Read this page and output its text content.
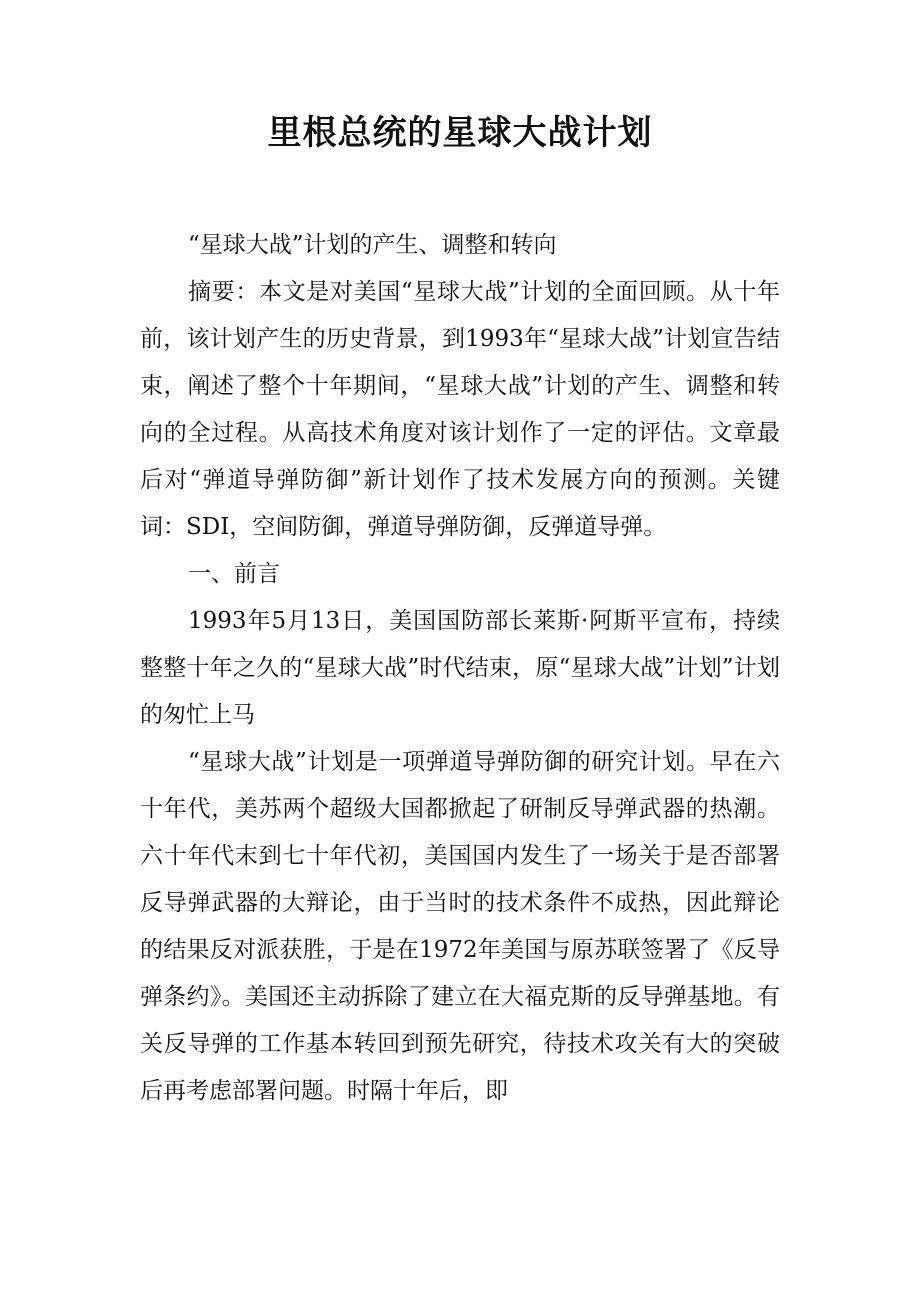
里根总统的星球大战计划

“星球大战”计划的产生、调整和转向

摘要：本文是对美国“星球大战”计划的全面回顾。从十年前，该计划产生的历史背景，到1993年“星球大战”计划宣告结束，阐述了整个十年期间，“星球大战”计划的产生、调整和转向的全过程。从高技术角度对该计划作了一定的评估。文章最后对“弹道导弹防御”新计划作了技术发展方向的预测。关键词：SDI，空间防御，弹道导弹防御，反弹道导弹。

一、前言

1993年5月13日，美国国防部长莱斯·阿斯平宣布，持续整整十年之久的“星球大战”时代结束，原“星球大战”计划”计划的匆忙上马

“星球大战”计划是一项弹道导弹防御的研究计划。早在六十年代，美苏两个超级大国都掀起了研制反导弹武器的热潮。六十年代末到七十年代初，美国国内发生了一场关于是否部署反导弹武器的大辩论，由于当时的技术条件不成热，因此辩论的结果反对派获胜，于是在1972年美国与原苏联签署了《反导弹条约》。美国还主动拆除了建立在大福克斯的反导弹基地。有关反导弹的工作基本转回到预先研究，待技术攻关有大的突破后再考虑部署问题。时隔十年后，即
